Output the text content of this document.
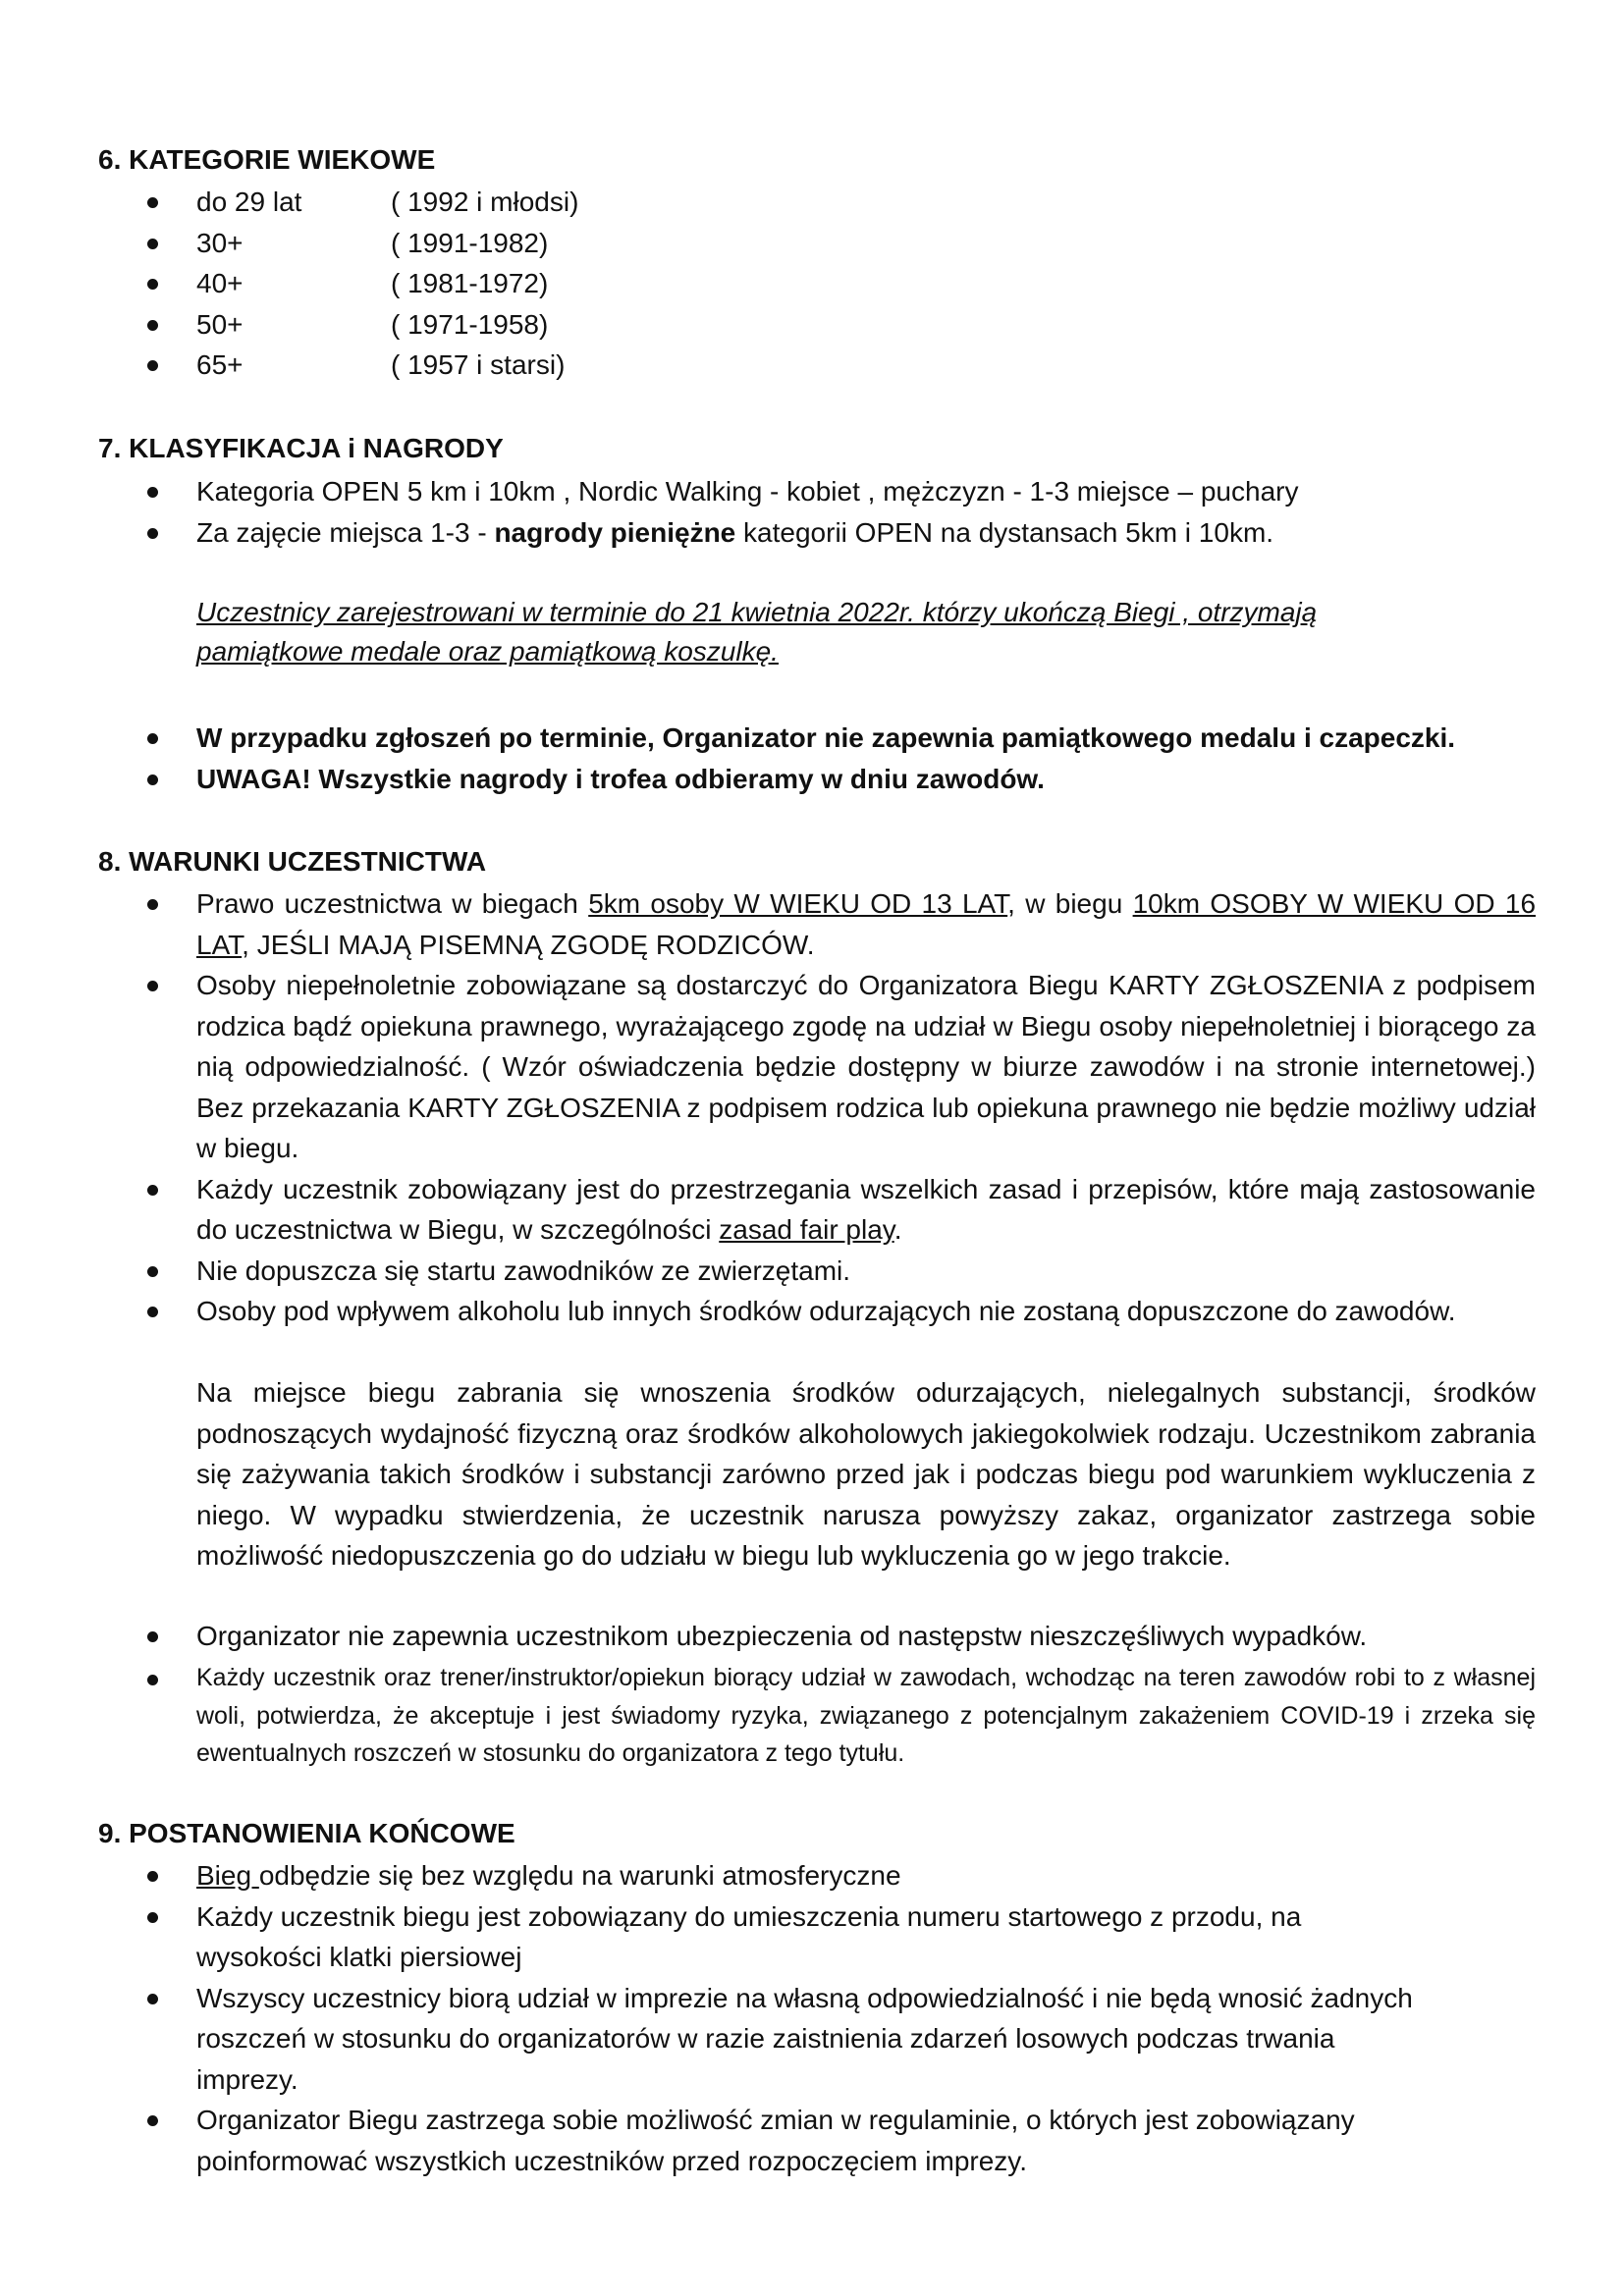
6. KATEGORIE WIEKOWE
do 29 lat	( 1992 i młodsi)
30+	( 1991-1982)
40+	( 1981-1972)
50+	( 1971-1958)
65+	( 1957 i starsi)
7. KLASYFIKACJA i NAGRODY
Kategoria OPEN 5 km i 10km , Nordic Walking - kobiet , mężczyzn - 1-3 miejsce – puchary
Za zajęcie miejsca 1-3 - nagrody pieniężne kategorii OPEN na dystansach 5km i 10km.
Uczestnicy zarejestrowani w terminie do 21 kwietnia 2022r. którzy ukończą Biegi , otrzymają
pamiątkowe medale oraz pamiątkową koszulkę.
W przypadku zgłoszeń po terminie, Organizator nie zapewnia pamiątkowego medalu i czapeczki.
UWAGA! Wszystkie nagrody i trofea odbieramy w dniu zawodów.
8. WARUNKI UCZESTNICTWA
Prawo uczestnictwa w biegach 5km osoby W WIEKU OD 13 LAT, w biegu 10km OSOBY W WIEKU OD 16 LAT, JEŚLI MAJĄ PISEMNĄ ZGODĘ RODZICÓW.
Osoby niepełnoletnie zobowiązane są dostarczyć do Organizatora Biegu KARTY ZGŁOSZENIA z podpisem rodzica bądź opiekuna prawnego, wyrażającego zgodę na udział w Biegu osoby niepełnoletniej i biorącego za nią odpowiedzialność. ( Wzór oświadczenia będzie dostępny w biurze zawodów i na stronie internetowej.) Bez przekazania KARTY ZGŁOSZENIA z podpisem rodzica lub opiekuna prawnego nie będzie możliwy udział w biegu.
Każdy uczestnik zobowiązany jest do przestrzegania wszelkich zasad i przepisów, które mają zastosowanie do uczestnictwa w Biegu, w szczególności zasad fair play.
Nie dopuszcza się startu zawodników ze zwierzętami.
Osoby pod wpływem alkoholu lub innych środków odurzających nie zostaną dopuszczone do zawodów.
Na miejsce biegu zabrania się wnoszenia środków odurzających, nielegalnych substancji, środków podnoszących wydajność fizyczną oraz środków alkoholowych jakiegokolwiek rodzaju. Uczestnikom zabrania się zażywania takich środków i substancji zarówno przed jak i podczas biegu pod warunkiem wykluczenia z niego. W wypadku stwierdzenia, że uczestnik narusza powyższy zakaz, organizator zastrzega sobie możliwość niedopuszczenia go do udziału w biegu lub wykluczenia go w jego trakcie.
Organizator nie zapewnia uczestnikom ubezpieczenia od następstw nieszczęśliwych wypadków.
Każdy uczestnik oraz trener/instruktor/opiekun biorący udział w zawodach, wchodząc na teren zawodów robi to z własnej woli, potwierdza, że akceptuje i jest świadomy ryzyka, związanego z potencjalnym zakażeniem COVID-19 i zrzeka się ewentualnych roszczeń w stosunku do organizatora z tego tytułu.
9. POSTANOWIENIA KOŃCOWE
Bieg odbędzie się bez względu na warunki atmosferyczne
Każdy uczestnik biegu jest zobowiązany do umieszczenia numeru startowego z przodu, na
wysokości klatki piersiowej
Wszyscy uczestnicy biorą udział w imprezie na własną odpowiedzialność i nie będą wnosić żadnych
roszczeń w stosunku do organizatorów w razie zaistnienia zdarzeń losowych podczas trwania
imprezy.
Organizator Biegu zastrzega sobie możliwość zmian w regulaminie, o których jest zobowiązany
poinformować wszystkich uczestników przed rozpoczęciem imprezy.
